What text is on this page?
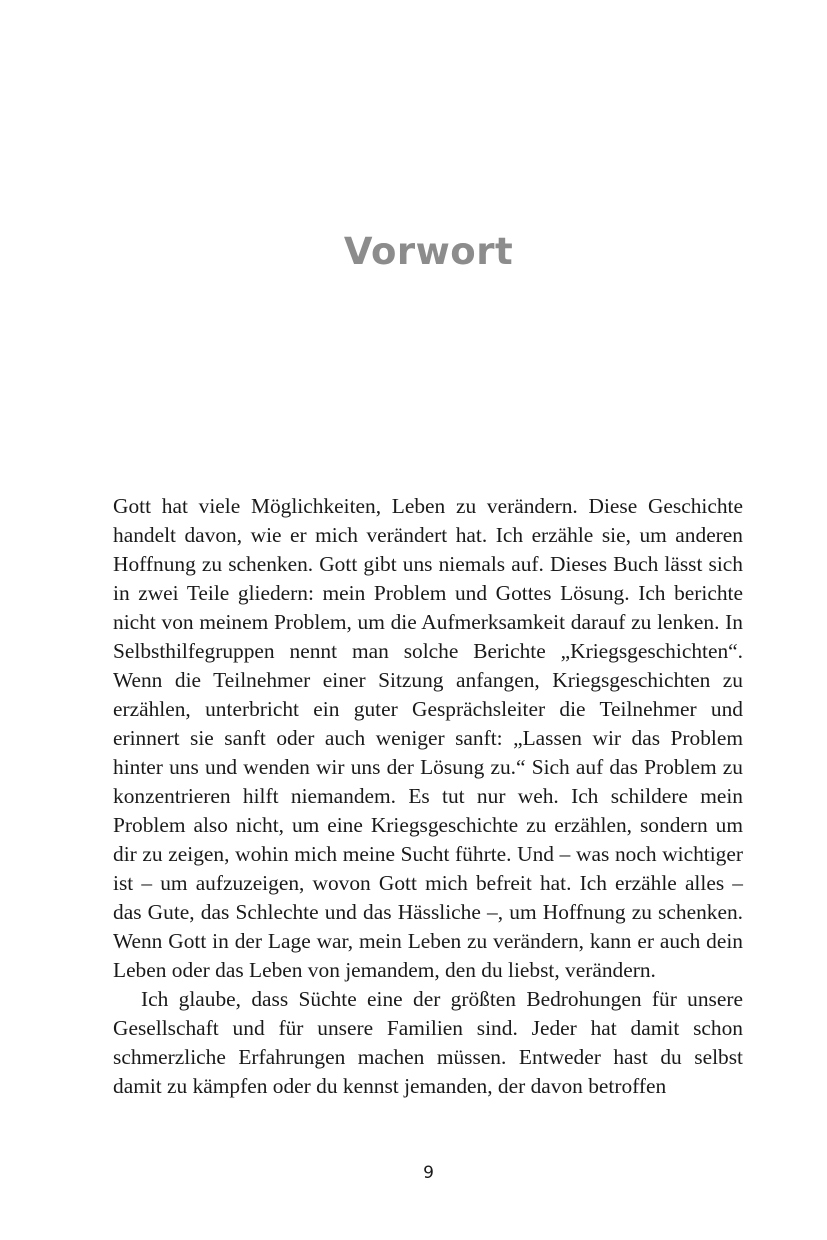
Vorwort

Gott hat viele Möglichkeiten, Leben zu verändern. Diese Geschichte handelt davon, wie er mich verändert hat. Ich erzähle sie, um anderen Hoffnung zu schenken. Gott gibt uns niemals auf. Dieses Buch lässt sich in zwei Teile gliedern: mein Problem und Gottes Lösung. Ich berichte nicht von meinem Problem, um die Aufmerksamkeit darauf zu lenken. In Selbsthilfegruppen nennt man solche Berichte „Kriegsgeschichten“. Wenn die Teilnehmer einer Sitzung anfangen, Kriegsgeschichten zu erzählen, unterbricht ein guter Gesprächsleiter die Teilnehmer und erinnert sie sanft oder auch weniger sanft: „Lassen wir das Problem hinter uns und wenden wir uns der Lösung zu.“ Sich auf das Problem zu konzentrieren hilft niemandem. Es tut nur weh. Ich schildere mein Problem also nicht, um eine Kriegsgeschichte zu erzählen, sondern um dir zu zeigen, wohin mich meine Sucht führte. Und – was noch wichtiger ist – um aufzuzeigen, wovon Gott mich befreit hat. Ich erzähle alles – das Gute, das Schlechte und das Hässliche –, um Hoffnung zu schenken. Wenn Gott in der Lage war, mein Leben zu verändern, kann er auch dein Leben oder das Leben von jemandem, den du liebst, verändern.

Ich glaube, dass Süchte eine der größten Bedrohungen für unsere Gesellschaft und für unsere Familien sind. Jeder hat damit schon schmerzliche Erfahrungen machen müssen. Entweder hast du selbst damit zu kämpfen oder du kennst jemanden, der davon betroffen

9
